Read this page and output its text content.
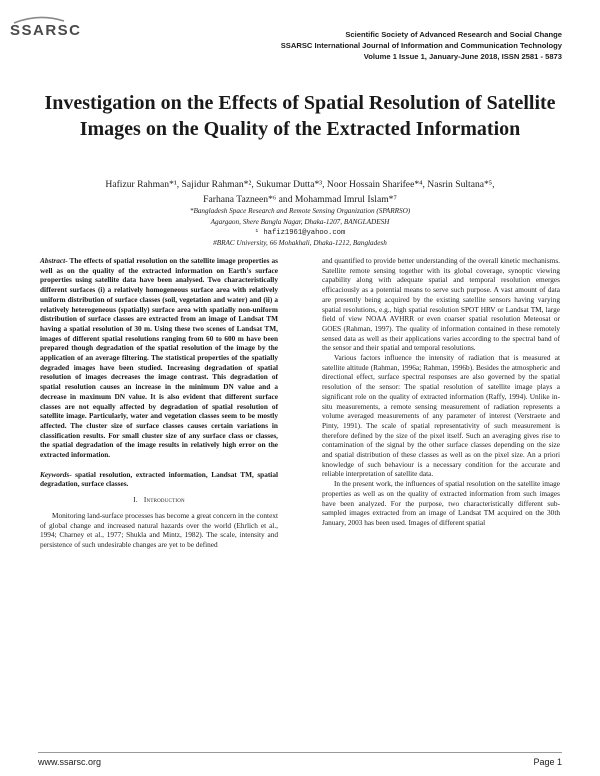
SSARSC	Scientific Society of Advanced Research and Social Change
SSARSC International Journal of Information and Communication Technology
Volume 1 Issue 1, January-June 2018, ISSN 2581 - 5873
Investigation on the Effects of Spatial Resolution of Satellite Images on the Quality of the Extracted Information
Hafizur Rahman*¹, Sajidur Rahman*², Sukumar Dutta*³, Noor Hossain Sharifee*⁴, Nasrin Sultana*⁵,
Farhana Tazneen*⁶ and Mohammad Imrul Islam*⁷
*Bangladesh Space Research and Remote Sensing Organization (SPARRSO)
Agargaon, Shere Bangla Nagar, Dhaka-1207, BANGLADESH
¹ hafiz1961@yahoo.com
#BRAC University, 66 Mohakhali, Dhaka-1212, Bangladesh

Abstract- The effects of spatial resolution on the satellite image properties as well as on the quality of the extracted information on Earth's surface properties using satellite data have been analysed. Two characteristically different surfaces (i) a relatively homogeneous surface area with relatively uniform distribution of surface classes (soil, vegetation and water) and (ii) a relatively heterogeneous (spatially) surface area with spatially non-uniform distribution of surface classes are extracted from an image of Landsat TM having a spatial resolution of 30 m. Using these two scenes of Landsat TM, images of different spatial resolutions ranging from 60 to 600 m have been prepared though degradation of the spatial resolution of the image by the application of an average filtering. The statistical properties of the spatially degraded images have been studied. Increasing degradation of spatial resolution of images decreases the image contrast. This degradation of spatial resolution causes an increase in the minimum DN value and a decrease in maximum DN value. It is also evident that different surface classes are not equally affected by degradation of spatial resolution of satellite image. Particularly, water and vegetation classes seem to be mostly affected. The cluster size of surface classes causes certain variations in classification results. For small cluster size of any surface class or classes, the spatial degradation of the image results in relatively high error on the extracted information.

Keywords- spatial resolution, extracted information, Landsat TM, spatial degradation, surface classes.

I. Introduction

Monitoring land-surface processes has become a great concern in the context of global change and increased natural hazards over the world (Ehrlich et al., 1994; Charney et al., 1977; Shukla and Mintz, 1982). The scale, intensity and persistence of such undesirable changes are yet to be defined

and quantified to provide better understanding of the overall kinetic mechanisms. Satellite remote sensing together with its global coverage, synoptic viewing capability along with adequate spatial and temporal resolution emerges efficaciously as a potential means to serve such purpose. A vast amount of data are presently being acquired by the existing satellite sensors having varying spatial resolutions, e.g., high spatial resolution SPOT HRV or Landsat TM, large field of view NOAA AVHRR or even coarser spatial resolution Meteosat or GOES (Rahman, 1997). The quality of information contained in these remotely sensed data as well as their applications varies according to the spectral band of the sensor and their spatial and temporal resolutions.

Various factors influence the intensity of radiation that is measured at satellite altitude (Rahman, 1996a; Rahman, 1996b). Besides the atmospheric and directional effect, surface spectral responses are also governed by the spatial resolution of the sensor: The spatial resolution of satellite image plays a significant role on the quality of extracted information (Raffy, 1994). Unlike in-situ measurements, a remote sensing measurement of radiation represents a volume averaged measurements of any parameter of interest (Verstraete and Pinty, 1991). The scale of spatial representativity of such measurement is therefore defined by the size of the pixel itself. Such an averaging gives rise to contamination of the signal by the other surface classes depending on the size and spatial distribution of these classes as well as on the pixel size. An a priori knowledge of such behaviour is a necessary condition for the accurate and reliable interpretation of satellite data.

In the present work, the influences of spatial resolution on the satellite image properties as well as on the quality of extracted information from such images have been analyzed. For the purpose, two characteristically different sub-sampled images extracted from an image of Landsat TM acquired on the 30th January, 2003 has been used. Images of different spatial

www.ssarsc.org	Page 1
